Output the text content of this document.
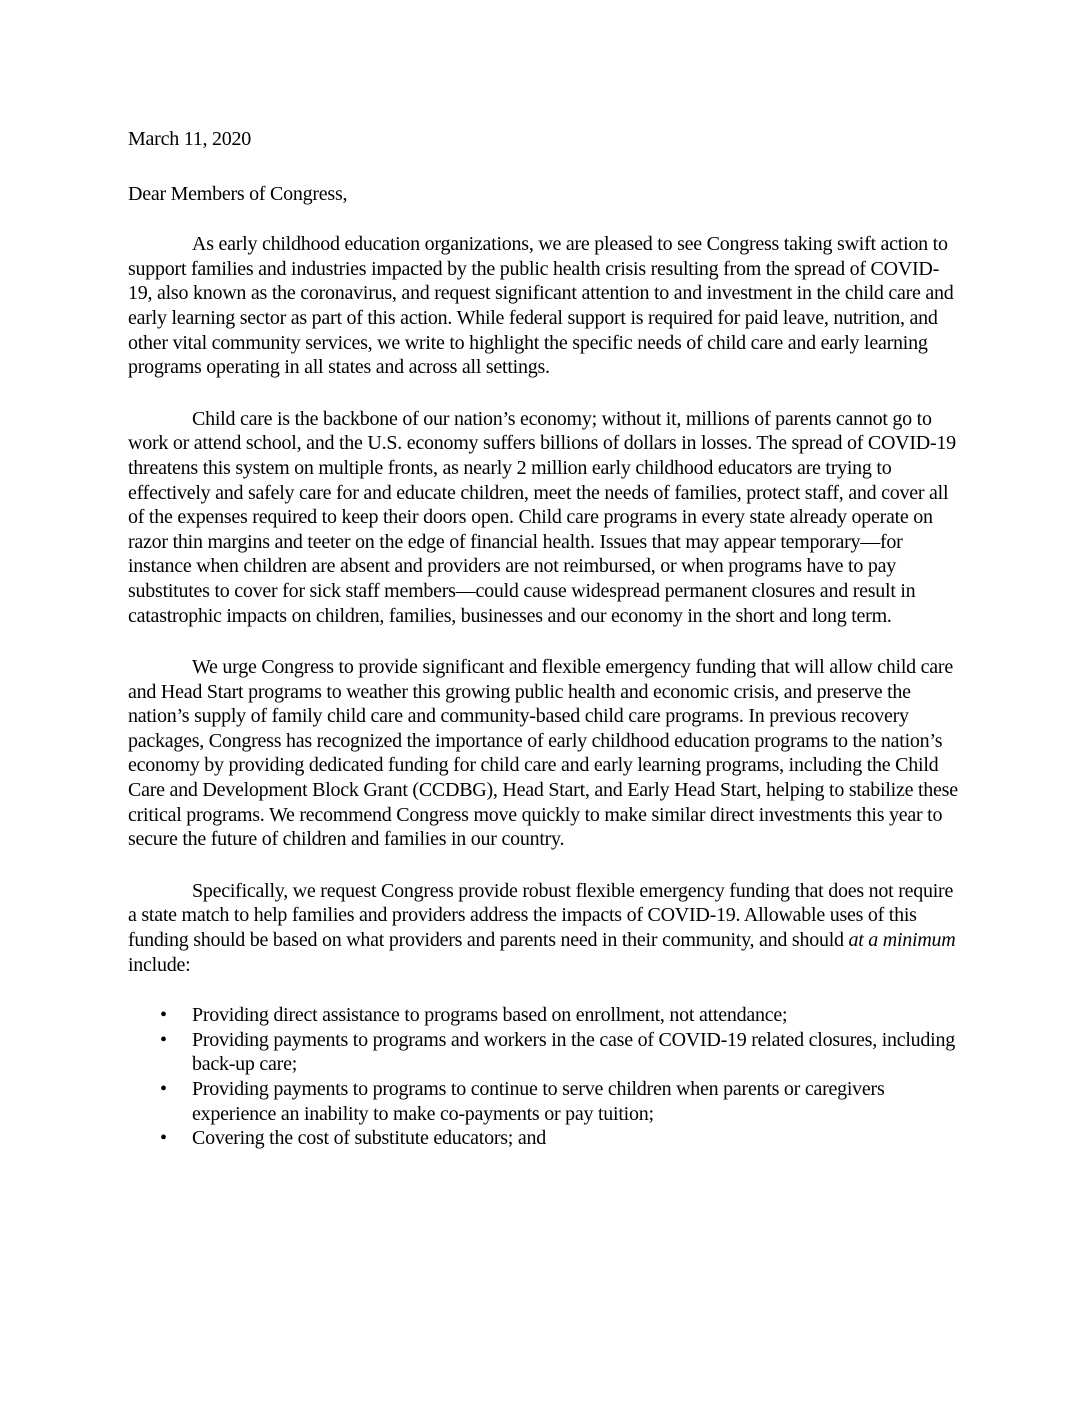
March 11, 2020

Dear Members of Congress,

As early childhood education organizations, we are pleased to see Congress taking swift action to support families and industries impacted by the public health crisis resulting from the spread of COVID-19, also known as the coronavirus, and request significant attention to and investment in the child care and early learning sector as part of this action. While federal support is required for paid leave, nutrition, and other vital community services, we write to highlight the specific needs of child care and early learning programs operating in all states and across all settings.

Child care is the backbone of our nation’s economy; without it, millions of parents cannot go to work or attend school, and the U.S. economy suffers billions of dollars in losses. The spread of COVID-19 threatens this system on multiple fronts, as nearly 2 million early childhood educators are trying to effectively and safely care for and educate children, meet the needs of families, protect staff, and cover all of the expenses required to keep their doors open. Child care programs in every state already operate on razor thin margins and teeter on the edge of financial health. Issues that may appear temporary—for instance when children are absent and providers are not reimbursed, or when programs have to pay substitutes to cover for sick staff members—could cause widespread permanent closures and result in catastrophic impacts on children, families, businesses and our economy in the short and long term.

We urge Congress to provide significant and flexible emergency funding that will allow child care and Head Start programs to weather this growing public health and economic crisis, and preserve the nation’s supply of family child care and community-based child care programs. In previous recovery packages, Congress has recognized the importance of early childhood education programs to the nation’s economy by providing dedicated funding for child care and early learning programs, including the Child Care and Development Block Grant (CCDBG), Head Start, and Early Head Start, helping to stabilize these critical programs. We recommend Congress move quickly to make similar direct investments this year to secure the future of children and families in our country.

Specifically, we request Congress provide robust flexible emergency funding that does not require a state match to help families and providers address the impacts of COVID-19. Allowable uses of this funding should be based on what providers and parents need in their community, and should at a minimum include:

• Providing direct assistance to programs based on enrollment, not attendance;
• Providing payments to programs and workers in the case of COVID-19 related closures, including back-up care;
• Providing payments to programs to continue to serve children when parents or caregivers experience an inability to make co-payments or pay tuition;
• Covering the cost of substitute educators; and
